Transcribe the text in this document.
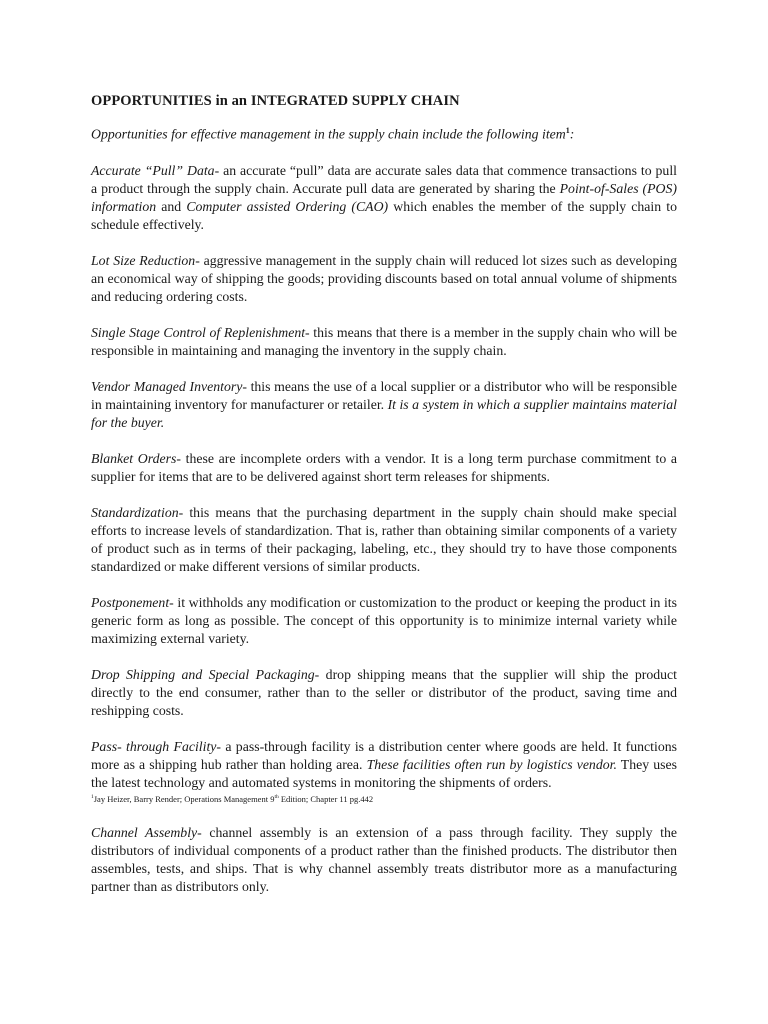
OPPORTUNITIES in an INTEGRATED SUPPLY CHAIN

Opportunities for effective management in the supply chain include the following item$^1$:

Accurate “Pull” Data- an accurate “pull” data are accurate sales data that commence transactions to pull a product through the supply chain. Accurate pull data are generated by sharing the Point-of-Sales (POS) information and Computer assisted Ordering (CAO) which enables the member of the supply chain to schedule effectively.

Lot Size Reduction- aggressive management in the supply chain will reduced lot sizes such as developing an economical way of shipping the goods; providing discounts based on total annual volume of shipments and reducing ordering costs.

Single Stage Control of Replenishment- this means that there is a member in the supply chain who will be responsible in maintaining and managing the inventory in the supply chain.

Vendor Managed Inventory- this means the use of a local supplier or a distributor who will be responsible in maintaining inventory for manufacturer or retailer. It is a system in which a supplier maintains material for the buyer.

Blanket Orders- these are incomplete orders with a vendor. It is a long term purchase commitment to a supplier for items that are to be delivered against short term releases for shipments.

Standardization- this means that the purchasing department in the supply chain should make special efforts to increase levels of standardization. That is, rather than obtaining similar components of a variety of product such as in terms of their packaging, labeling, etc., they should try to have those components standardized or make different versions of similar products.

Postponement- it withholds any modification or customization to the product or keeping the product in its generic form as long as possible. The concept of this opportunity is to minimize internal variety while maximizing external variety.

Drop Shipping and Special Packaging- drop shipping means that the supplier will ship the product directly to the end consumer, rather than to the seller or distributor of the product, saving time and reshipping costs.

Pass- through Facility- a pass-through facility is a distribution center where goods are held. It functions more as a shipping hub rather than holding area. These facilities often run by logistics vendor. They uses the latest technology and automated systems in monitoring the shipments of orders.

$^1$Jay Heizer, Barry Render; Operations Management 9th Edition; Chapter 11 pg.442

Channel Assembly- channel assembly is an extension of a pass through facility. They supply the distributors of individual components of a product rather than the finished products. The distributor then assembles, tests, and ships. That is why channel assembly treats distributor more as a manufacturing partner than as distributors only.
